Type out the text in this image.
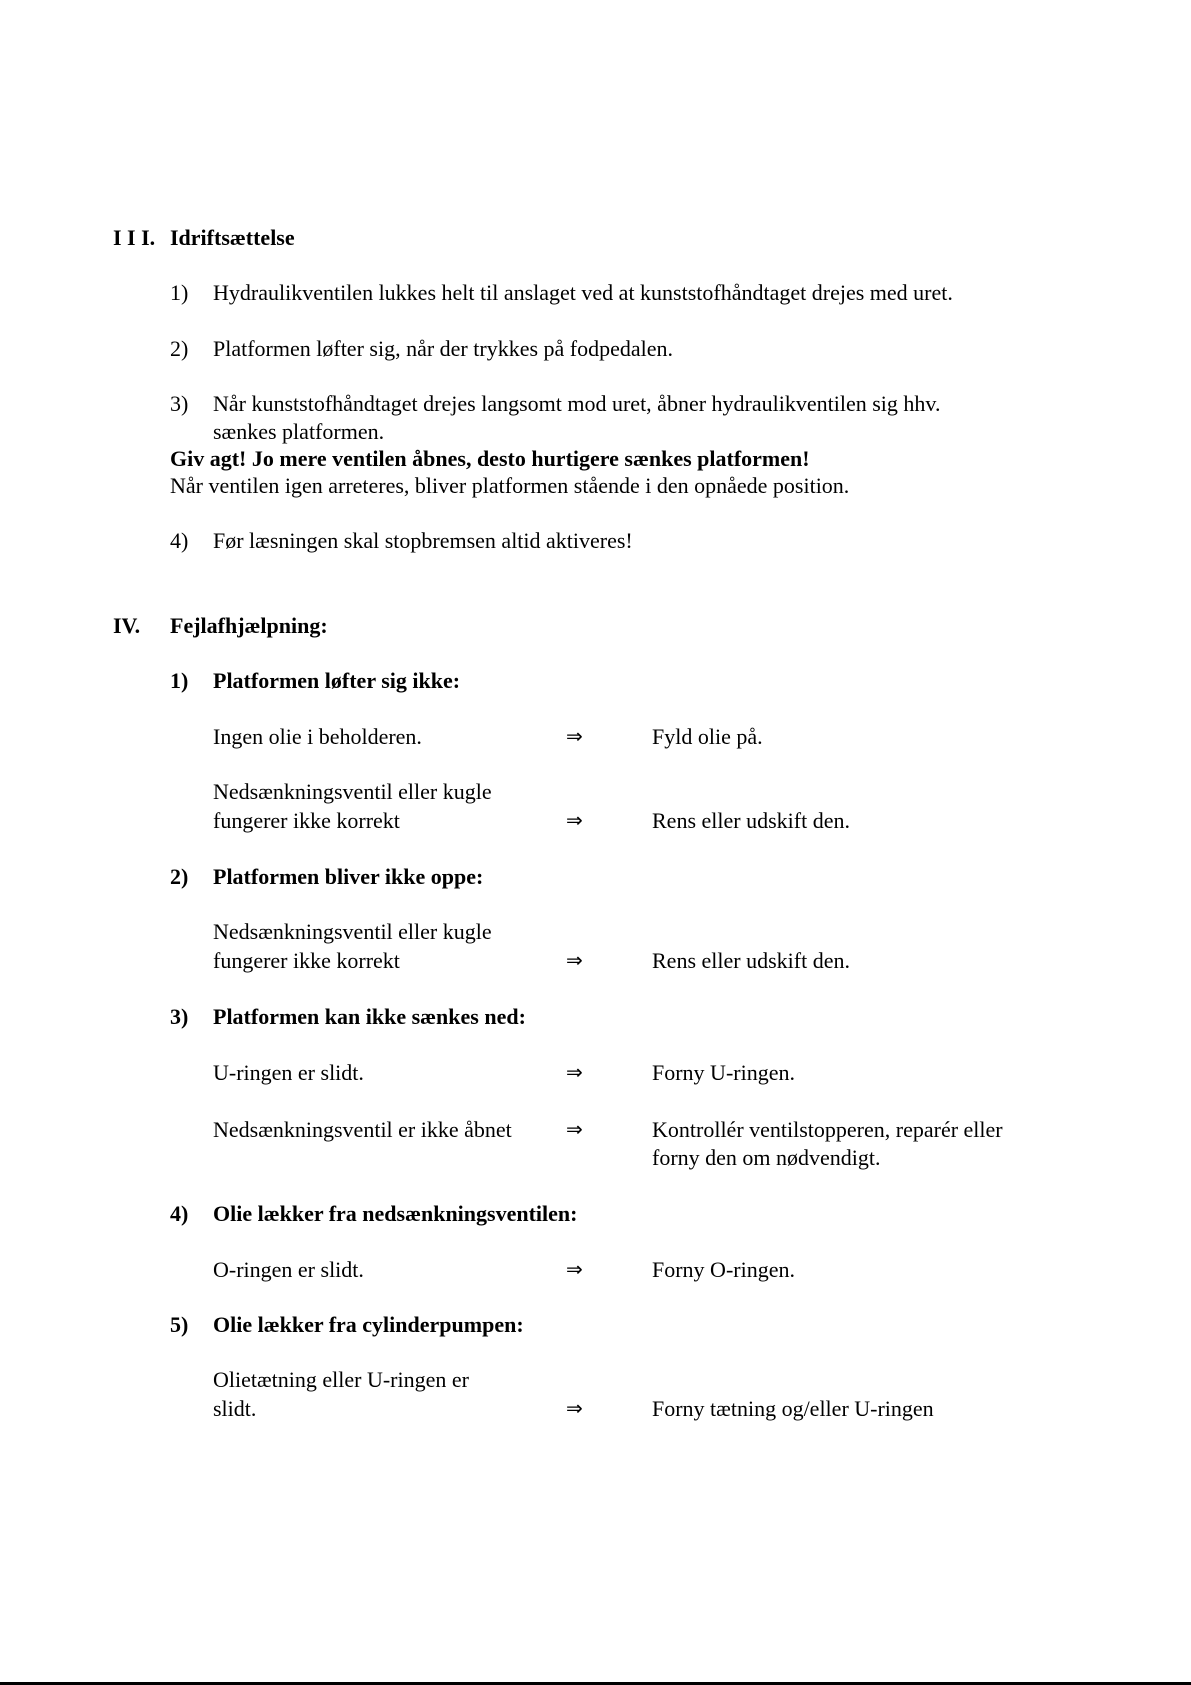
I I I. Idriftsættelse
1) Hydraulikventilen lukkes helt til anslaget ved at kunststofhåndtaget drejes med uret.
2) Platformen løfter sig, når der trykkes på fodpedalen.
3) Når kunststofhåndtaget drejes langsomt mod uret, åbner hydraulikventilen sig hhv.
sænkes platformen.
Giv agt! Jo mere ventilen åbnes, desto hurtigere sænkes platformen!
Når ventilen igen arreteres, bliver platformen stående i den opnåede position.
4) Før læsningen skal stopbremsen altid aktiveres!
IV. Fejlafhjælpning:
1) Platformen løfter sig ikke:
Ingen olie i beholderen.	⇒	Fyld olie på.
Nedsænkningsventil eller kugle
fungerer ikke korrekt	⇒	Rens eller udskift den.
2) Platformen bliver ikke oppe:
Nedsænkningsventil eller kugle
fungerer ikke korrekt	⇒	Rens eller udskift den.
3) Platformen kan ikke sænkes ned:
U-ringen er slidt.	⇒	Forny U-ringen.
Nedsænkningsventil er ikke åbnet	⇒	Kontrollér ventilstopperen, reparér eller
forny den om nødvendigt.
4) Olie lækker fra nedsænkningsventilen:
O-ringen er slidt.	⇒	Forny O-ringen.
5) Olie lækker fra cylinderpumpen:
Olietætning eller U-ringen er
slidt.	⇒	Forny tætning og/eller U-ringen
